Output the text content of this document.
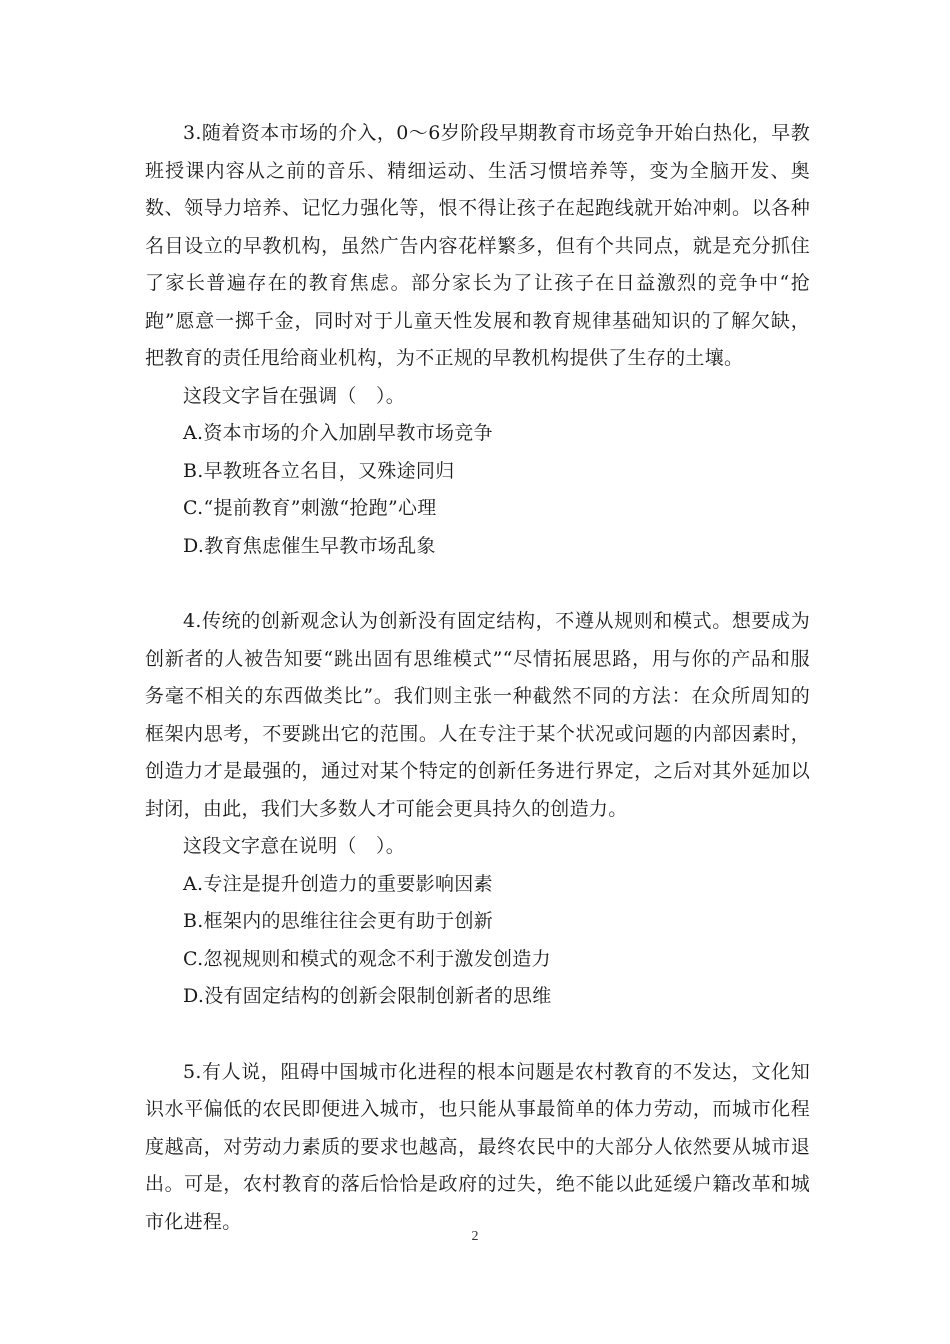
3.随着资本市场的介入，0～6岁阶段早期教育市场竞争开始白热化，早教班授课内容从之前的音乐、精细运动、生活习惯培养等，变为全脑开发、奥数、领导力培养、记忆力强化等，恨不得让孩子在起跑线就开始冲刺。以各种名目设立的早教机构，虽然广告内容花样繁多，但有个共同点，就是充分抓住了家长普遍存在的教育焦虑。部分家长为了让孩子在日益激烈的竞争中“抢跑”愿意一掷千金，同时对于儿童天性发展和教育规律基础知识的了解欠缺，把教育的责任甩给商业机构，为不正规的早教机构提供了生存的土壤。

这段文字旨在强调（　）。

A.资本市场的介入加剧早教市场竞争
B.早教班各立名目，又殊途同归
C.“提前教育”刺激“抢跑”心理
D.教育焦虑催生早教市场乱象

4.传统的创新观念认为创新没有固定结构，不遵从规则和模式。想要成为创新者的人被告知要“跳出固有思维模式”“尽情拓展思路，用与你的产品和服务毫不相关的东西做类比”。我们则主张一种截然不同的方法：在众所周知的框架内思考，不要跳出它的范围。人在专注于某个状况或问题的内部因素时，创造力才是最强的，通过对某个特定的创新任务进行界定，之后对其外延加以封闭，由此，我们大多数人才可能会更具持久的创造力。

这段文字意在说明（　）。

A.专注是提升创造力的重要影响因素
B.框架内的思维往往会更有助于创新
C.忽视规则和模式的观念不利于激发创造力
D.没有固定结构的创新会限制创新者的思维

5.有人说，阻碍中国城市化进程的根本问题是农村教育的不发达，文化知识水平偏低的农民即便进入城市，也只能从事最简单的体力劳动，而城市化程度越高，对劳动力素质的要求也越高，最终农民中的大部分人依然要从城市退出。可是，农村教育的落后恰恰是政府的过失，绝不能以此延缓户籍改革和城市化进程。

2
